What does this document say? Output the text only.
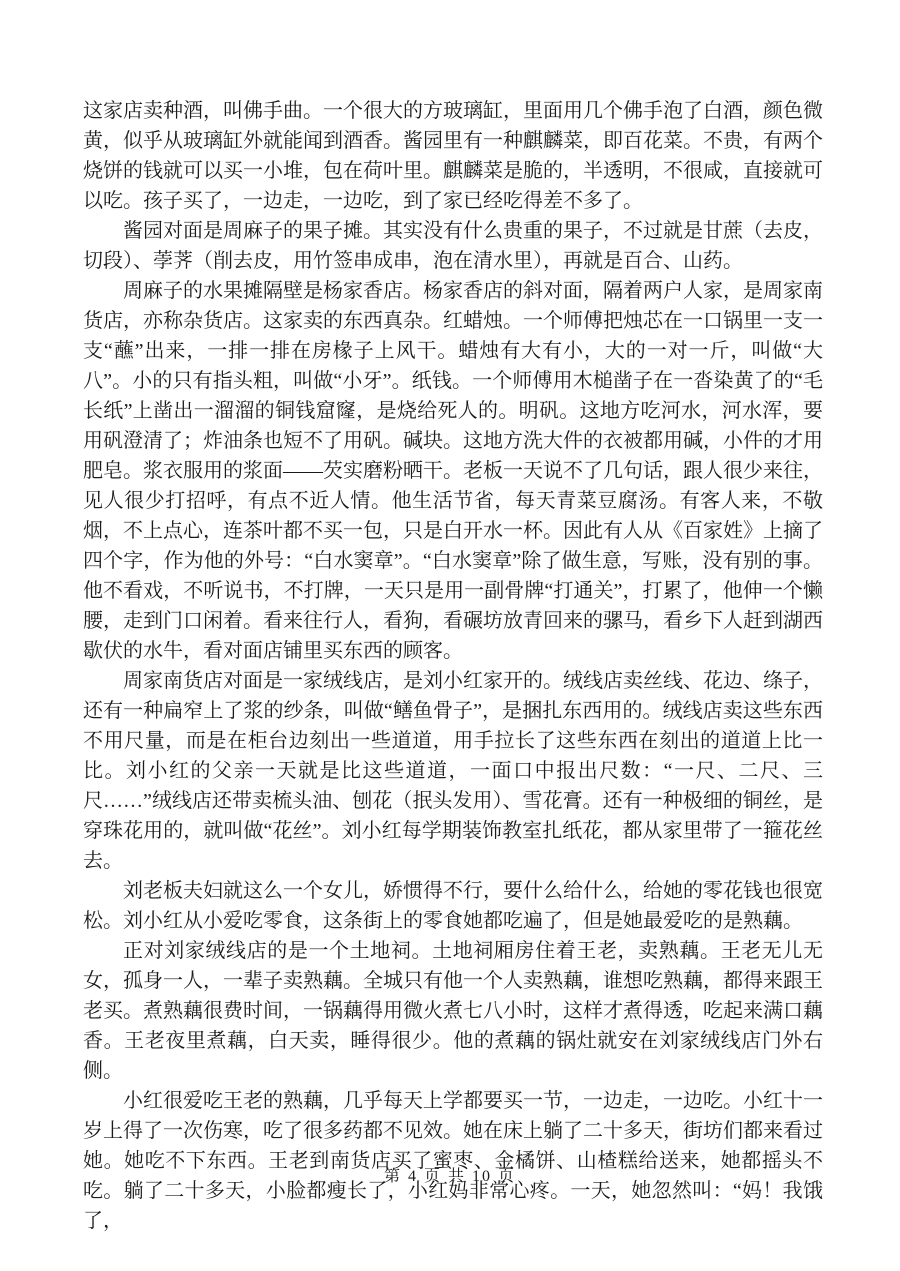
这家店卖种酒，叫佛手曲。一个很大的方玻璃缸，里面用几个佛手泡了白酒，颜色微黄，似乎从玻璃缸外就能闻到酒香。酱园里有一种麒麟菜，即百花菜。不贵，有两个烧饼的钱就可以买一小堆，包在荷叶里。麒麟菜是脆的，半透明，不很咸，直接就可以吃。孩子买了，一边走，一边吃，到了家已经吃得差不多了。

酱园对面是周麻子的果子摊。其实没有什么贵重的果子，不过就是甘蔗（去皮，切段）、荸荠（削去皮，用竹签串成串，泡在清水里），再就是百合、山药。

周麻子的水果摊隔壁是杨家香店。杨家香店的斜对面，隔着两户人家，是周家南货店，亦称杂货店。这家卖的东西真杂。红蜡烛。一个师傅把烛芯在一口锅里一支一支“蘸”出来，一排一排在房椽子上风干。蜡烛有大有小，大的一对一斤，叫做“大八”。小的只有指头粗，叫做“小牙”。纸钱。一个师傅用木槌凿子在一沓染黄了的“毛长纸”上凿出一溜溜的铜钱窟窿，是烧给死人的。明矾。这地方吃河水，河水浑，要用矾澄清了；炸油条也短不了用矾。碱块。这地方洗大件的衣被都用碱，小件的才用肥皂。浆衣服用的浆面——芡实磨粉晒干。老板一天说不了几句话，跟人很少来往，见人很少打招呼，有点不近人情。他生活节省，每天青菜豆腐汤。有客人来，不敬烟，不上点心，连茶叶都不买一包，只是白开水一杯。因此有人从《百家姓》上摘了四个字，作为他的外号：“白水窦章”。“白水窦章”除了做生意，写账，没有别的事。他不看戏，不听说书，不打牌，一天只是用一副骨牌“打通关”，打累了，他伸一个懒腰，走到门口闲着。看来往行人，看狗，看碾坊放青回来的骡马，看乡下人赶到湖西歇伏的水牛，看对面店铺里买东西的顾客。

周家南货店对面是一家绒线店，是刘小红家开的。绒线店卖丝线、花边、绦子，还有一种扁窄上了浆的纱条，叫做“鳝鱼骨子”，是捆扎东西用的。绒线店卖这些东西不用尺量，而是在柜台边刻出一些道道，用手拉长了这些东西在刻出的道道上比一比。刘小红的父亲一天就是比这些道道，一面口中报出尺数：“一尺、二尺、三尺……”绒线店还带卖梳头油、刨花（抿头发用）、雪花膏。还有一种极细的铜丝，是穿珠花用的，就叫做“花丝”。刘小红每学期装饰教室扎纸花，都从家里带了一箍花丝去。

刘老板夫妇就这么一个女儿，娇惯得不行，要什么给什么，给她的零花钱也很宽松。刘小红从小爱吃零食，这条街上的零食她都吃遍了，但是她最爱吃的是熟藕。

正对刘家绒线店的是一个土地祠。土地祠厢房住着王老，卖熟藕。王老无儿无女，孤身一人，一辈子卖熟藕。全城只有他一个人卖熟藕，谁想吃熟藕，都得来跟王老买。煮熟藕很费时间，一锅藕得用微火煮七八小时，这样才煮得透，吃起来满口藕香。王老夜里煮藕，白天卖，睡得很少。他的煮藕的锅灶就安在刘家绒线店门外右侧。

小红很爱吃王老的熟藕，几乎每天上学都要买一节，一边走，一边吃。小红十一岁上得了一次伤寒，吃了很多药都不见效。她在床上躺了二十多天，街坊们都来看过她。她吃不下东西。王老到南货店买了蜜枣、金橘饼、山楂糕给送来，她都摇头不吃。躺了二十多天，小脸都瘦长了，小红妈非常心疼。一天，她忽然叫：“妈！我饿了，

第 4 页 共 10 页
